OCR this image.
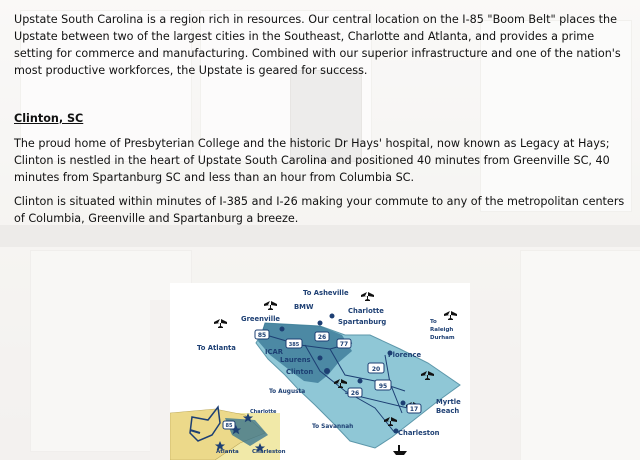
Upstate South Carolina is a region rich in resources. Our central location on the I-85 "Boom Belt" places the Upstate between two of the largest cities in the Southeast, Charlotte and Atlanta, and provides a prime setting for commerce and manufacturing. Combined with our superior infrastructure and one of the nation's most productive workforces, the Upstate is geared for success.

Clinton, SC

The proud home of Presbyterian College and the historic Dr Hays' hospital, now known as Legacy at Hays; Clinton is nestled in the heart of Upstate South Carolina and positioned 40 minutes from Greenville SC, 40 minutes from Spartanburg SC and less than an hour from Columbia SC.

Clinton is situated within minutes of I-385 and I-26 making your commute to any of the metropolitan centers of Columbia, Greenville and Spartanburg a breeze.

To Asheville
BMW	Charlotte
Spartanburg
Greenville	To
Raleigh
Durham
To Atlanta	ICAR
Laurens
Clinton
Florence
To Augusta
Myrtle
Beach
To Savannah
Charleston
Charlotte
Atlanta Charleston
85
385
26
77
20
95
26
17
85
